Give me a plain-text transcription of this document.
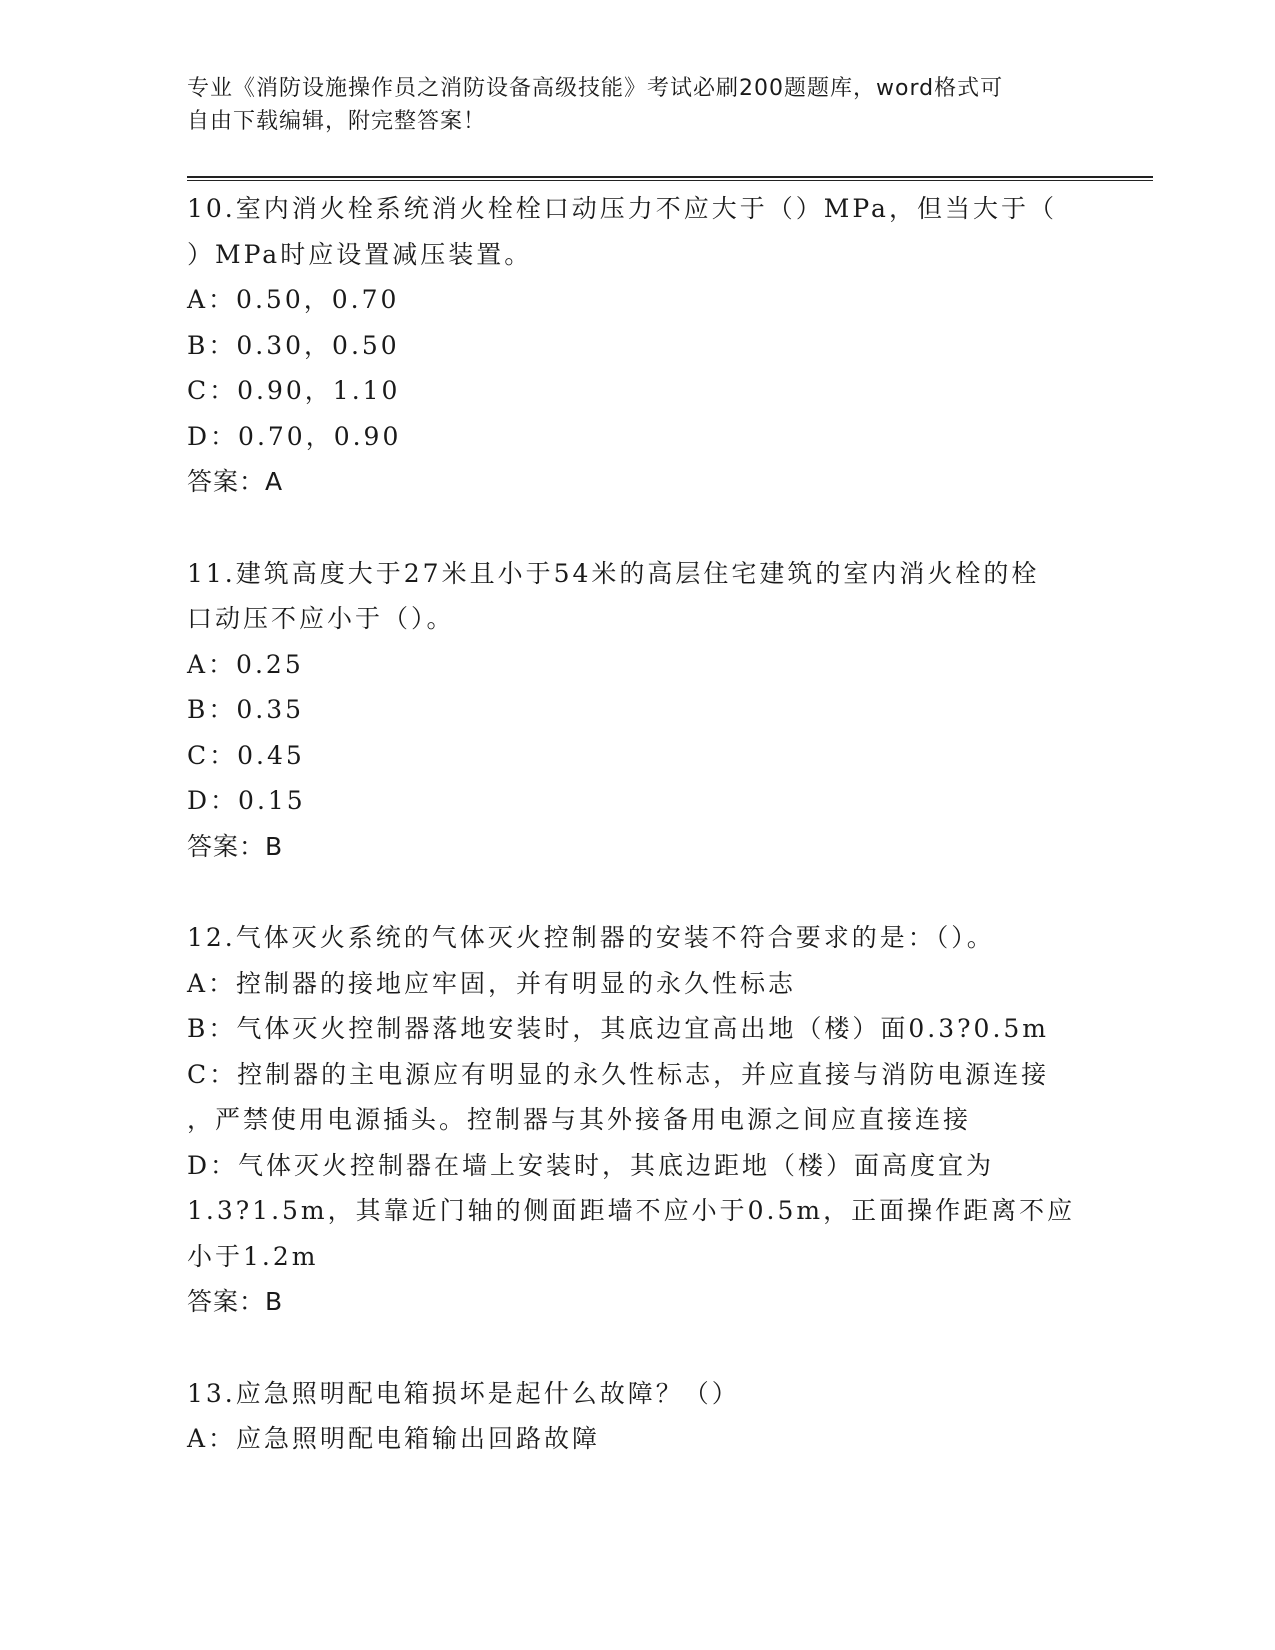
专业《消防设施操作员之消防设备高级技能》考试必刷200题题库，word格式可
自由下载编辑，附完整答案！
10.室内消火栓系统消火栓栓口动压力不应大于（）MPa，但当大于（
）MPa时应设置减压装置。
A：0.50，0.70
B：0.30，0.50
C：0.90，1.10
D：0.70，0.90
答案：A
11.建筑高度大于27米且小于54米的高层住宅建筑的室内消火栓的栓
口动压不应小于（）。
A：0.25
B：0.35
C：0.45
D：0.15
答案：B
12.气体灭火系统的气体灭火控制器的安装不符合要求的是：（）。
A：控制器的接地应牢固，并有明显的永久性标志
B：气体灭火控制器落地安装时，其底边宜高出地（楼）面0.3?0.5m
C：控制器的主电源应有明显的永久性标志，并应直接与消防电源连接
，严禁使用电源插头。控制器与其外接备用电源之间应直接连接
D：气体灭火控制器在墙上安装时，其底边距地（楼）面高度宜为
1.3?1.5m，其靠近门轴的侧面距墙不应小于0.5m，正面操作距离不应
小于1.2m
答案：B
13.应急照明配电箱损坏是起什么故障？（）
A：应急照明配电箱输出回路故障
